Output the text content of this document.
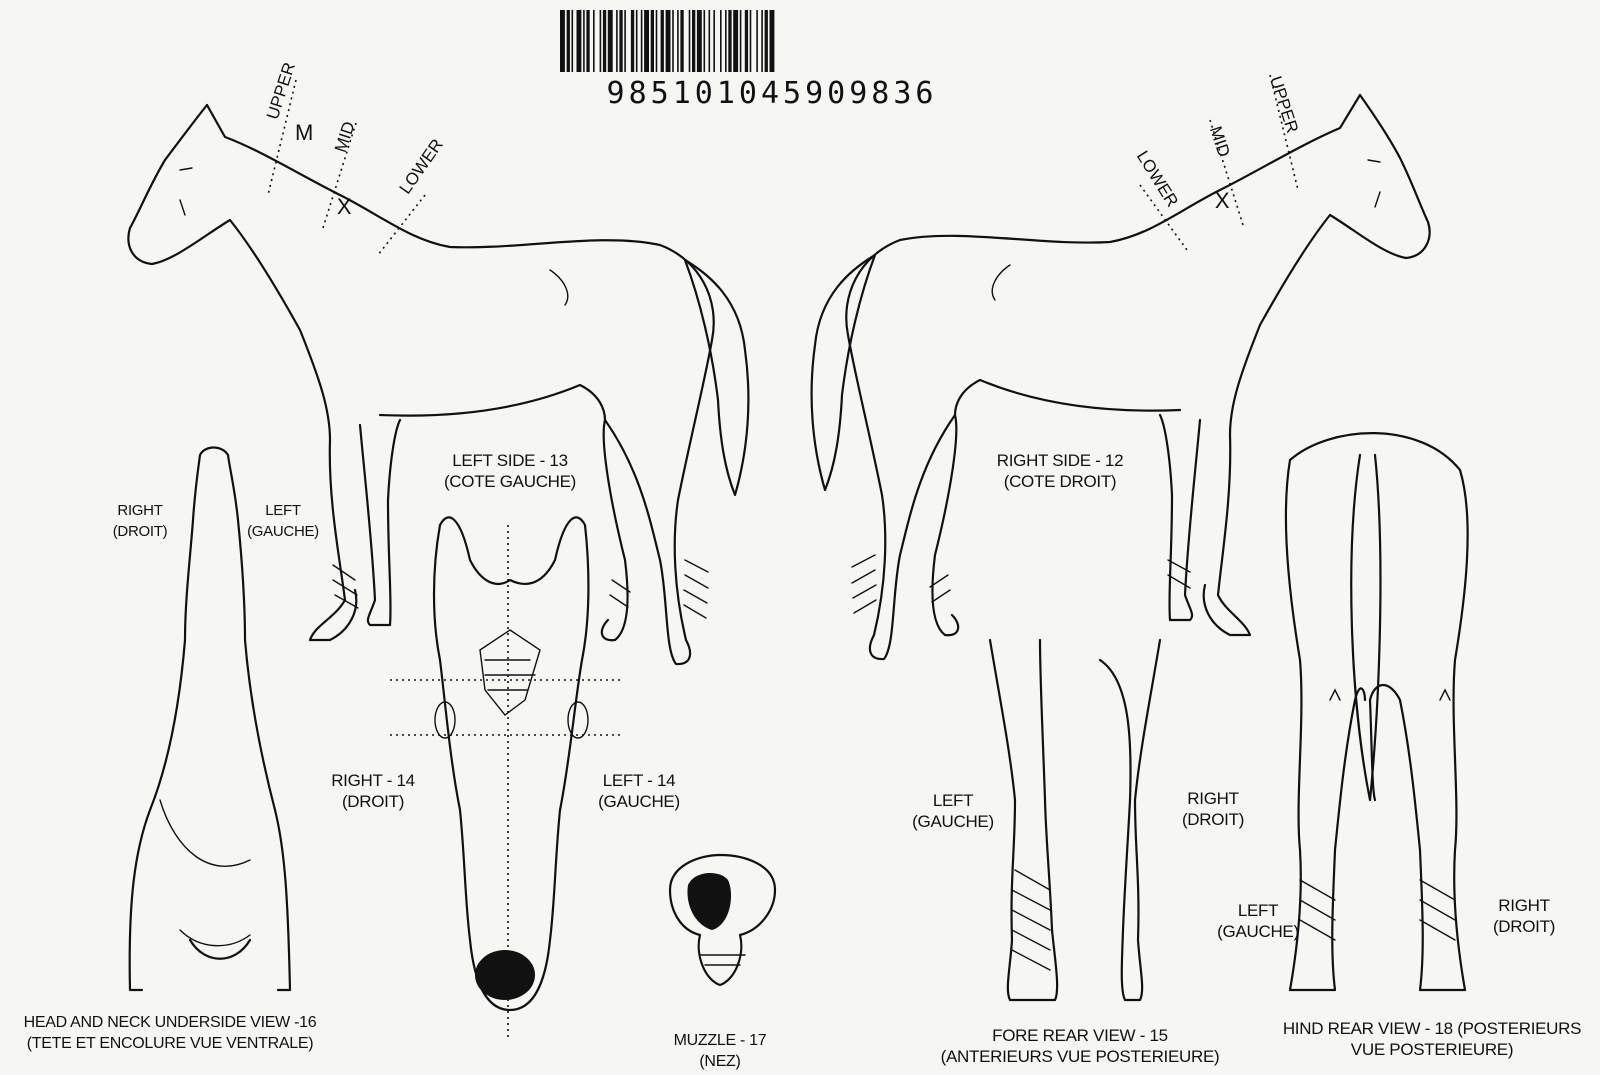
985101045909836
UPPER
MID LOWER
M
X
LEFT SIDE - 13
(COTE GAUCHE)
UPPER
MID
LOWER X
RIGHT SIDE - 12
(COTE DROIT)
RIGHT
(DROIT)
LEFT
(GAUCHE)
HEAD AND NECK UNDERSIDE VIEW -16
(TETE ET ENCOLURE VUE VENTRALE)
RIGHT - 14
(DROIT)
LEFT - 14
(GAUCHE)
MUZZLE - 17
(NEZ)
LEFT
(GAUCHE)
RIGHT
(DROIT)
FORE REAR VIEW - 15
(ANTERIEURS VUE POSTERIEURE)
LEFT
(GAUCHE)
RIGHT
(DROIT)
HIND REAR VIEW - 18 (POSTERIEURS
VUE POSTERIEURE)
